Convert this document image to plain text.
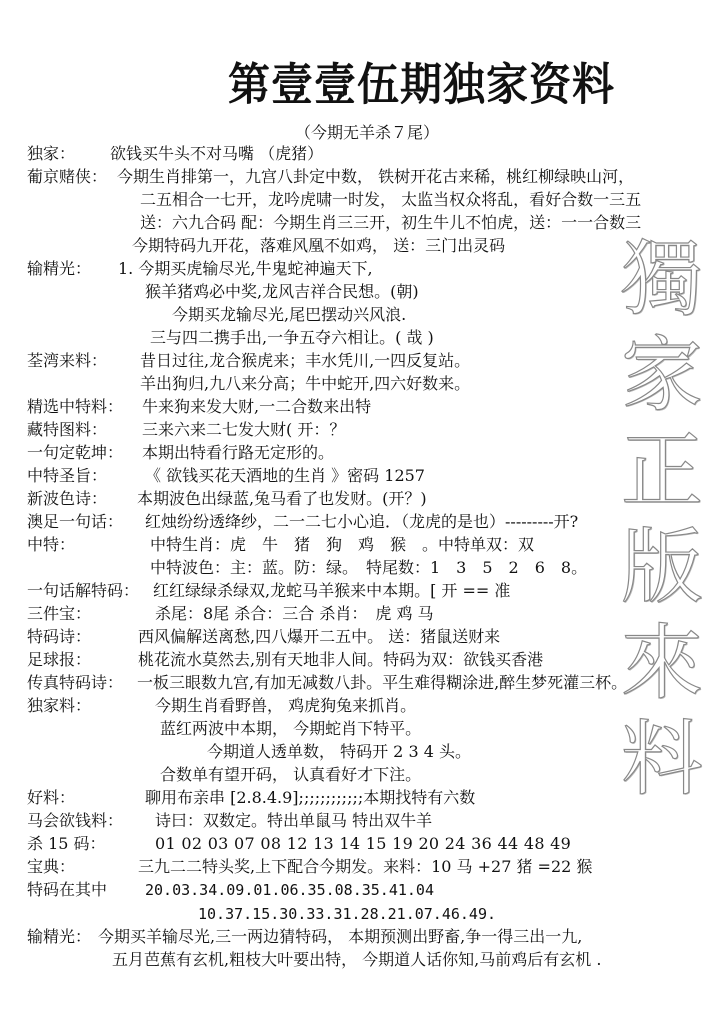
第壹壹伍期独家资料
（今期无羊杀７尾）
獨
家
正
版
來
料
独家： 欲钱买牛头不对马嘴 （虎猪）
葡京赌侠： 今期生肖排第一，九宫八卦定中数， 铁树开花古来稀，桃红柳绿映山河，
二五相合一七开，龙吟虎啸一时发， 太监当权众将乱，看好合数一三五
送：六九合码 配：今期生肖三三开，初生牛儿不怕虎，送：一一合数三
今期特码九开花，落难风凰不如鸡， 送：三门出灵码
输精光： 1. 今期买虎输尽光,牛鬼蛇神遍天下,
猴羊猪鸡必中奖,龙风吉祥合民想。(朝)
今期买龙输尽光,尾巴摆动兴风浪.
三与四二携手出,一争五夺六相让。( 哉 )
荃湾来料： 昔日过往,龙合猴虎来；丰水凭川,一四反复站。
羊出狗归,九八来分高；牛中蛇开,四六好数来。
精选中特料： 牛来狗来发大财,一二合数来出特
藏特图料： 三来六来二七发大财( 开：？
一句定乾坤： 本期出特看行路无定形的。
中特圣旨： 《 欲钱买花天酒地的生肖 》密码 1257
新波色诗： 本期波色出绿蓝,兔马看了也发财。(开？)
澳足一句话： 红烛纷纷透绛纱，二一二七小心追．（龙虎的是也）---------开?
中特：	中特生肖：虎　牛　猪　狗　鸡　猴　。中特单双：双
中特波色：主：蓝。防：绿。　特尾数：1　3　5　2　6　8。
一句话解特码： 红红绿绿杀绿双,龙蛇马羊猴来中本期。[ 开 == 准
三件宝：	杀尾：8尾 杀合：三合 杀肖：　虎 鸡 马
特码诗：	西风偏解送离愁,四八爆开二五中。 送：猪鼠送财来
足球报：	桃花流水莫然去,别有天地非人间。特码为双：欲钱买香港
传真特码诗： 一板三眼数九宫,有加无减数八卦。平生难得糊涂进,醉生梦死灌三杯。
独家料：	今期生肖看野兽， 鸡虎狗兔来抓肖。
蓝红两波中本期， 今期蛇肖下特平。
今期道人透单数， 特码开 2 3 4 头。
合数单有望开码， 认真看好才下注。
好料：	聊用布亲串 [2.8.4.9];;;;;;;;;;;;本期找特有六数
马会欲钱料： 诗曰：双数定。特出单鼠马 特出双牛羊
杀 15 码：	01 02 03 07 08 12 13 14 15 19 20 24 36 44 48 49
宝典：	三九二二特头奖,上下配合今期发。来料：10 马 +27 猪 =22 猴
特码在其中	20.03.34.09.01.06.35.08.35.41.04
10.37.15.30.33.31.28.21.07.46.49.
输精光： 今期买羊输尽光,三一两边猜特码， 本期预测出野畜,争一得三出一九,
五月芭蕉有玄机,粗枝大叶要出特， 今期道人话你知,马前鸡后有玄机 .
